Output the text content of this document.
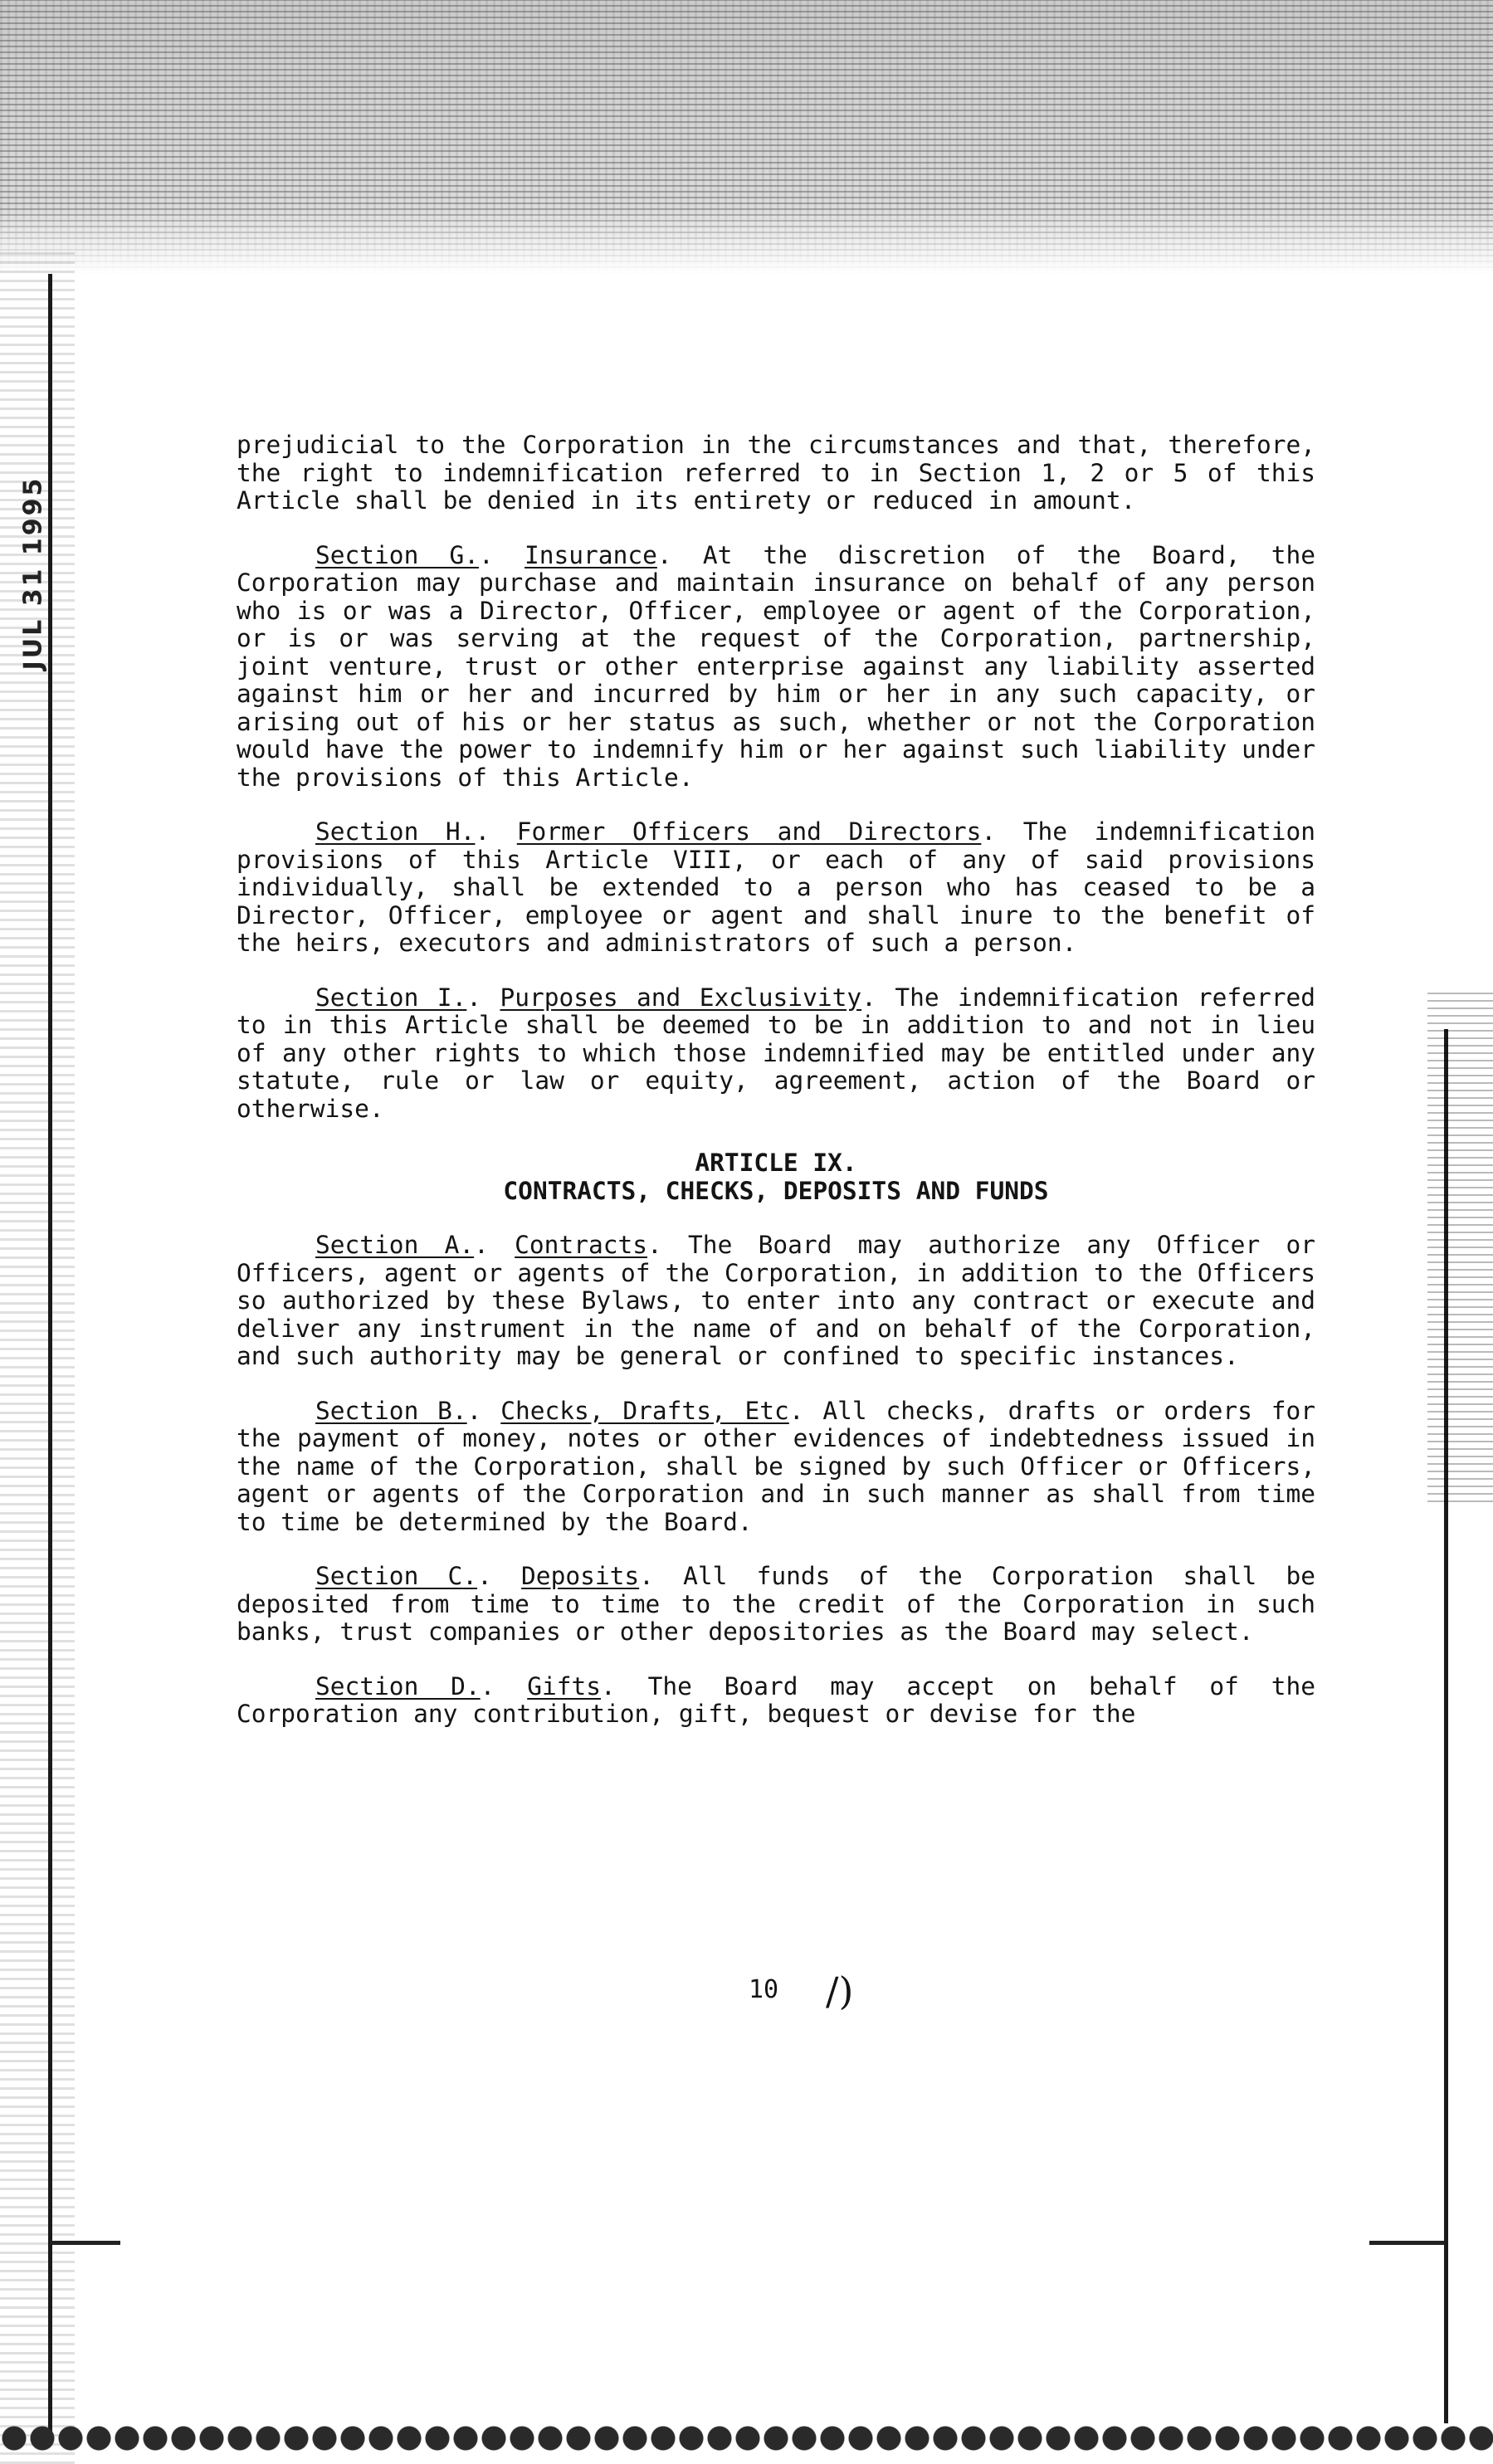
JUL 31 1995

prejudicial to the Corporation in the circumstances and that, therefore, the right to indemnification referred to in Section 1, 2 or 5 of this Article shall be denied in its entirety or reduced in amount.

Section G.. Insurance. At the discretion of the Board, the Corporation may purchase and maintain insurance on behalf of any person who is or was a Director, Officer, employee or agent of the Corporation, or is or was serving at the request of the Corporation, partnership, joint venture, trust or other enterprise against any liability asserted against him or her and incurred by him or her in any such capacity, or arising out of his or her status as such, whether or not the Corporation would have the power to indemnify him or her against such liability under the provisions of this Article.

Section H.. Former Officers and Directors. The indemnification provisions of this Article VIII, or each of any of said provisions individually, shall be extended to a person who has ceased to be a Director, Officer, employee or agent and shall inure to the benefit of the heirs, executors and administrators of such a person.

Section I.. Purposes and Exclusivity. The indemnification referred to in this Article shall be deemed to be in addition to and not in lieu of any other rights to which those indemnified may be entitled under any statute, rule or law or equity, agreement, action of the Board or otherwise.

ARTICLE IX.
CONTRACTS, CHECKS, DEPOSITS AND FUNDS

Section A.. Contracts. The Board may authorize any Officer or Officers, agent or agents of the Corporation, in addition to the Officers so authorized by these Bylaws, to enter into any contract or execute and deliver any instrument in the name of and on behalf of the Corporation, and such authority may be general or confined to specific instances.

Section B.. Checks, Drafts, Etc. All checks, drafts or orders for the payment of money, notes or other evidences of indebtedness issued in the name of the Corporation, shall be signed by such Officer or Officers, agent or agents of the Corporation and in such manner as shall from time to time be determined by the Board.

Section C.. Deposits. All funds of the Corporation shall be deposited from time to time to the credit of the Corporation in such banks, trust companies or other depositories as the Board may select.

Section D.. Gifts. The Board may accept on behalf of the Corporation any contribution, gift, bequest or devise for the

10	/)
